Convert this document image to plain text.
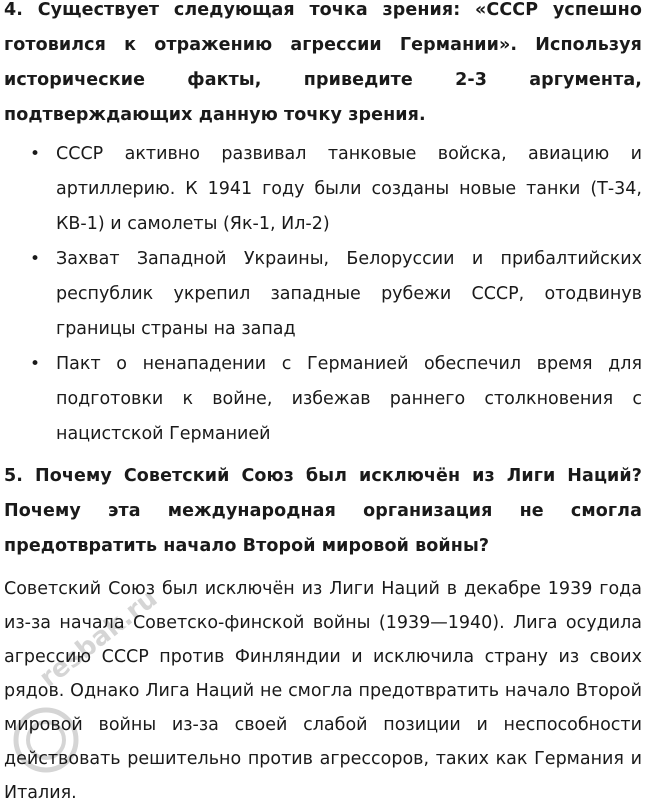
4. Существует следующая точка зрения: «СССР успешно готовился к отражению агрессии Германии». Используя исторические факты, приведите 2-3 аргумента, подтверждающих данную точку зрения.

• СССР активно развивал танковые войска, авиацию и артиллерию. К 1941 году были созданы новые танки (Т-34, КВ-1) и самолеты (Як-1, Ил-2)
• Захват Западной Украины, Белоруссии и прибалтийских республик укрепил западные рубежи СССР, отодвинув границы страны на запад
• Пакт о ненападении с Германией обеспечил время для подготовки к войне, избежав раннего столкновения с нацистской Германией

5. Почему Советский Союз был исключён из Лиги Наций? Почему эта международная организация не смогла предотвратить начало Второй мировой войны?

Советский Союз был исключён из Лиги Наций в декабре 1939 года из-за начала Советско-финской войны (1939—1940). Лига осудила агрессию СССР против Финляндии и исключила страну из своих рядов. Однако Лига Наций не смогла предотвратить начало Второй мировой войны из-за своей слабой позиции и неспособности действовать решительно против агрессоров, таких как Германия и Италия.

resbak.ru
